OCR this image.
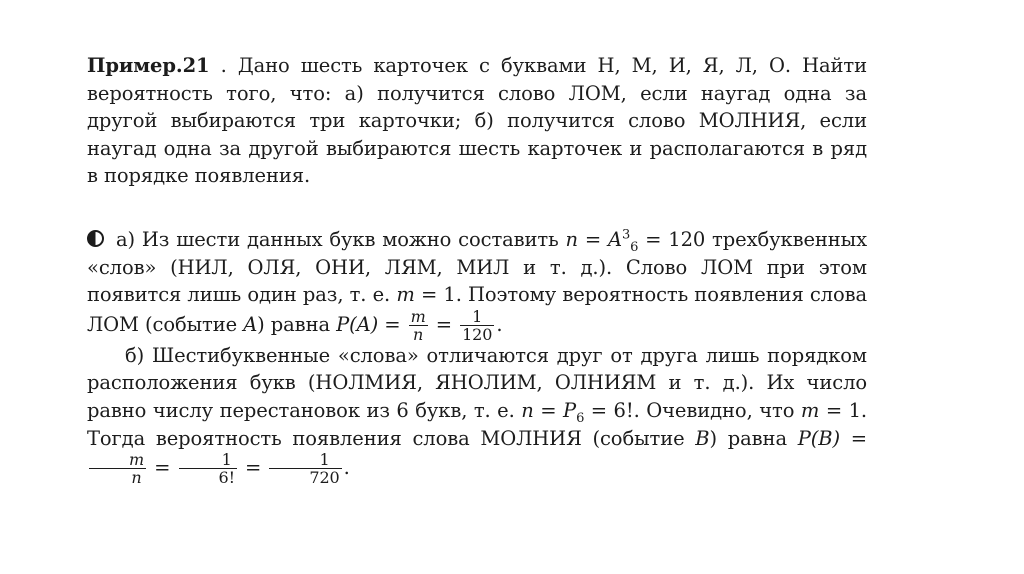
Пример.21 . Дано шесть карточек с буквами Н, М, И, Я, Л, О. Найти вероятность того, что: а) получится слово ЛОМ, если наугад одна за другой выбираются три карточки; б) получится слово МОЛНИЯ, если наугад одна за другой выбираются шесть карточек и располагаются в ряд в порядке появления.

а) Из шести данных букв можно составить $n = A^3_6 = 120$ трехбуквенных «слов» (НИЛ, ОЛЯ, ОНИ, ЛЯМ, МИЛ и т. д.). Слово ЛОМ при этом появится лишь один раз, т. е. m = 1. Поэтому вероятность появления слова ЛОМ (событие A) равна $P(A) = \frac{m}{n} = \frac{1}{120}$ .

б) Шестибуквенные «слова» отличаются друг от друга лишь порядком расположения букв (НОЛМИЯ, ЯНОЛИМ, ОЛНИЯМ и т. д.). Их число равно числу перестановок из 6 букв, т. е. $n = P_6 = 6$!. Очевидно, что m = 1. Тогда вероятность появления слова МОЛНИЯ (событие B) равна P(B) =
$\frac{m}{n} = \frac{1}{6!} = \frac{1}{720}$ .
